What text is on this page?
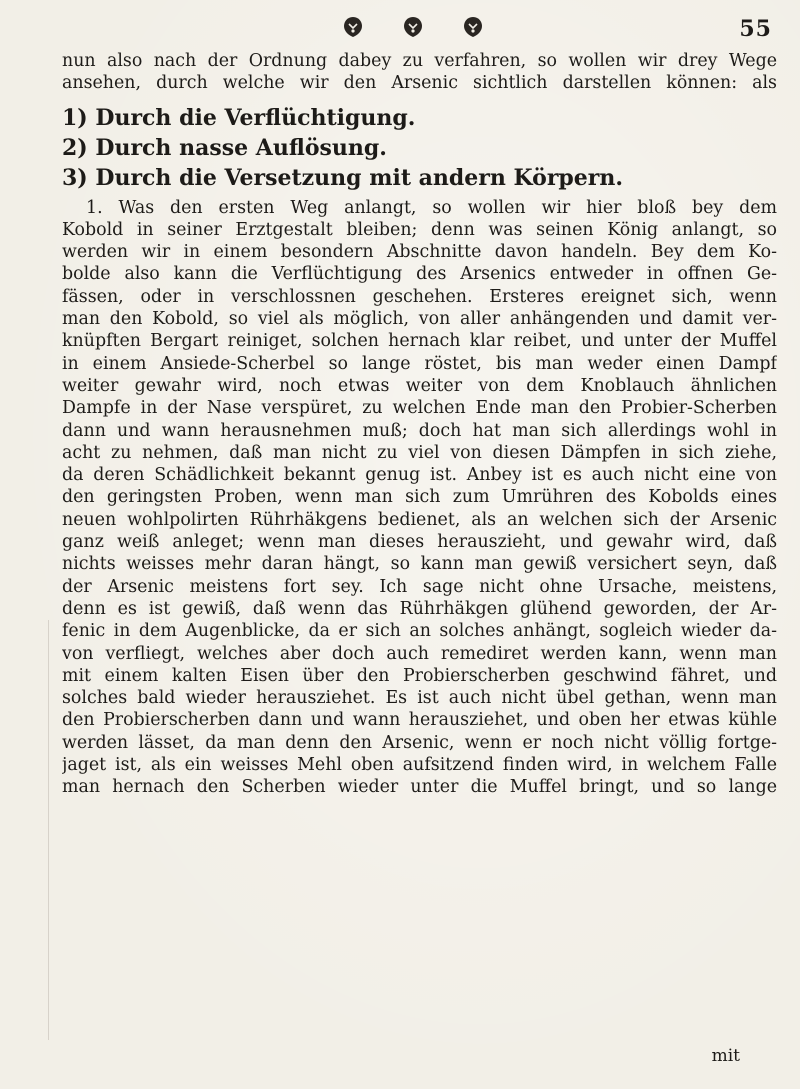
55
nun also nach der Ordnung dabey zu verfahren, so wollen wir drey Wege
ansehen, durch welche wir den Arsenic sichtlich darstellen können: als
1) Durch die Verflüchtigung.
2) Durch nasse Auflösung.
3) Durch die Versetzung mit andern Körpern.
1. Was den ersten Weg anlangt, so wollen wir hier bloß bey dem
Kobold in seiner Erztgestalt bleiben; denn was seinen König anlangt, so
werden wir in einem besondern Abschnitte davon handeln. Bey dem Ko-
bolde also kann die Verflüchtigung des Arsenics entweder in offnen Ge-
fässen, oder in verschlossnen geschehen. Ersteres ereignet sich, wenn
man den Kobold, so viel als möglich, von aller anhängenden und damit ver-
knüpften Bergart reiniget, solchen hernach klar reibet, und unter der Muffel
in einem Ansiede-Scherbel so lange röstet, bis man weder einen Dampf
weiter gewahr wird, noch etwas weiter von dem Knoblauch ähnlichen
Dampfe in der Nase verspüret, zu welchen Ende man den Probier-Scherben
dann und wann herausnehmen muß; doch hat man sich allerdings wohl in
acht zu nehmen, daß man nicht zu viel von diesen Dämpfen in sich ziehe,
da deren Schädlichkeit bekannt genug ist. Anbey ist es auch nicht eine von
den geringsten Proben, wenn man sich zum Umrühren des Kobolds eines
neuen wohlpolirten Rührhäkgens bedienet, als an welchen sich der Arsenic
ganz weiß anleget; wenn man dieses herauszieht, und gewahr wird, daß
nichts weisses mehr daran hängt, so kann man gewiß versichert seyn, daß
der Arsenic meistens fort sey. Ich sage nicht ohne Ursache, meistens,
denn es ist gewiß, daß wenn das Rührhäkgen glühend geworden, der Ar-
fenic in dem Augenblicke, da er sich an solches anhängt, sogleich wieder da-
von verfliegt, welches aber doch auch remediret werden kann, wenn man
mit einem kalten Eisen über den Probierscherben geschwind fähret, und
solches bald wieder herausziehet. Es ist auch nicht übel gethan, wenn man
den Probierscherben dann und wann herausziehet, und oben her etwas kühle
werden lässet, da man denn den Arsenic, wenn er noch nicht völlig fortge-
jaget ist, als ein weisses Mehl oben aufsitzend finden wird, in welchem Falle
man hernach den Scherben wieder unter die Muffel bringt, und so lange
mit
